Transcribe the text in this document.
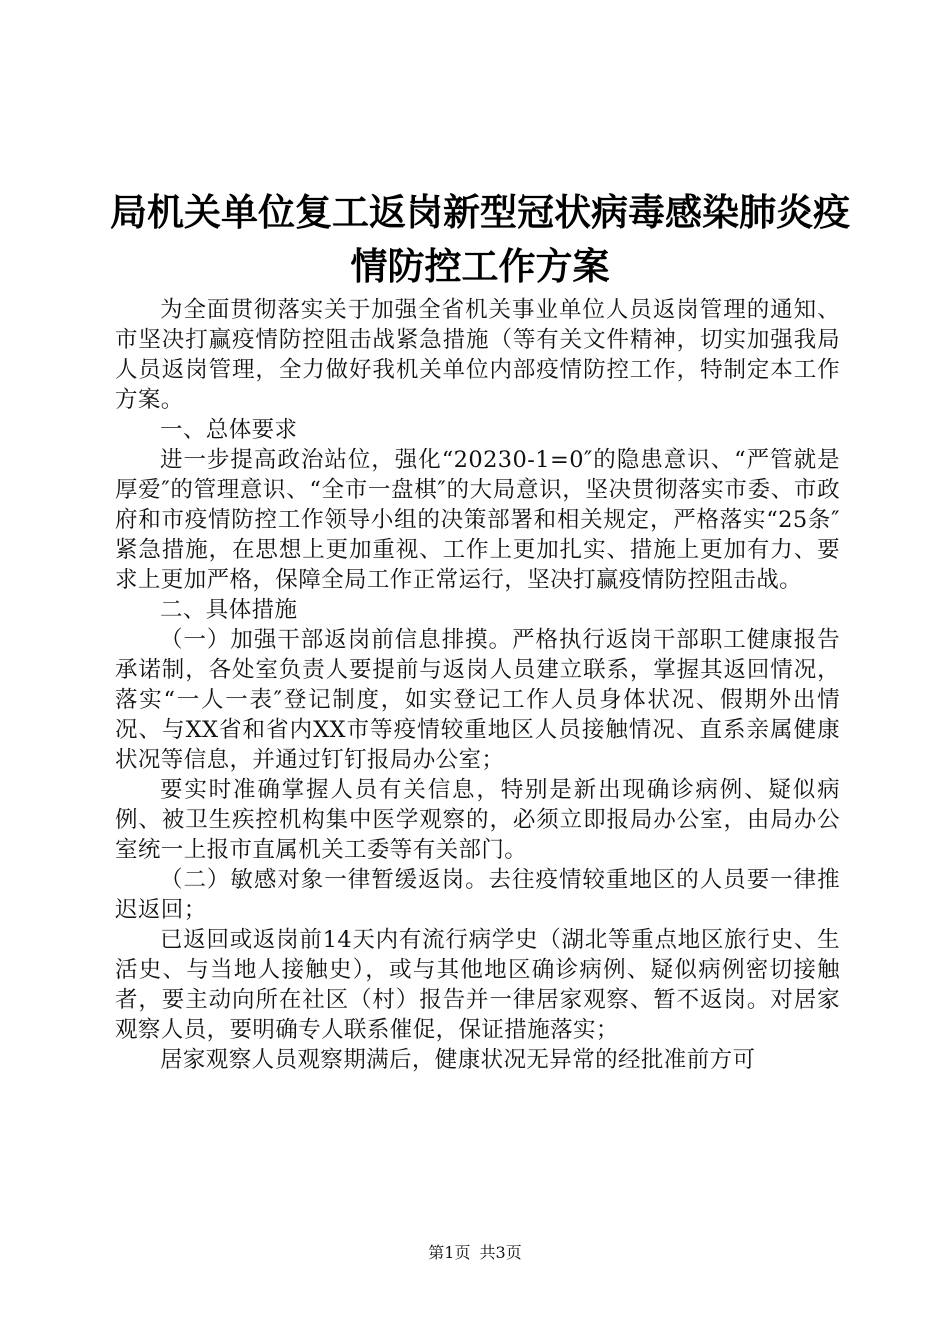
局机关单位复工返岗新型冠状病毒感染肺炎疫
情防控工作方案

为全面贯彻落实关于加强全省机关事业单位人员返岗管理的通知、市坚决打赢疫情防控阻击战紧急措施（等有关文件精神，切实加强我局人员返岗管理，全力做好我机关单位内部疫情防控工作，特制定本工作方案。

一、总体要求

进一步提高政治站位，强化“20230-1=0″的隐患意识、“严管就是厚爱″的管理意识、“全市一盘棋″的大局意识，坚决贯彻落实市委、市政府和市疫情防控工作领导小组的决策部署和相关规定，严格落实“25条″紧急措施，在思想上更加重视、工作上更加扎实、措施上更加有力、要求上更加严格，保障全局工作正常运行，坚决打赢疫情防控阻击战。

二、具体措施

（一）加强干部返岗前信息排摸。严格执行返岗干部职工健康报告承诺制，各处室负责人要提前与返岗人员建立联系，掌握其返回情况，落实“一人一表″登记制度，如实登记工作人员身体状况、假期外出情况、与XX省和省内XX市等疫情较重地区人员接触情况、直系亲属健康状况等信息，并通过钉钉报局办公室；

要实时准确掌握人员有关信息，特别是新出现确诊病例、疑似病例、被卫生疾控机构集中医学观察的，必须立即报局办公室，由局办公室统一上报市直属机关工委等有关部门。

（二）敏感对象一律暂缓返岗。去往疫情较重地区的人员要一律推迟返回；

已返回或返岗前14天内有流行病学史（湖北等重点地区旅行史、生活史、与当地人接触史），或与其他地区确诊病例、疑似病例密切接触者，要主动向所在社区（村）报告并一律居家观察、暂不返岗。对居家观察人员，要明确专人联系催促，保证措施落实；

居家观察人员观察期满后，健康状况无异常的经批准前方可

第1页 共3页
